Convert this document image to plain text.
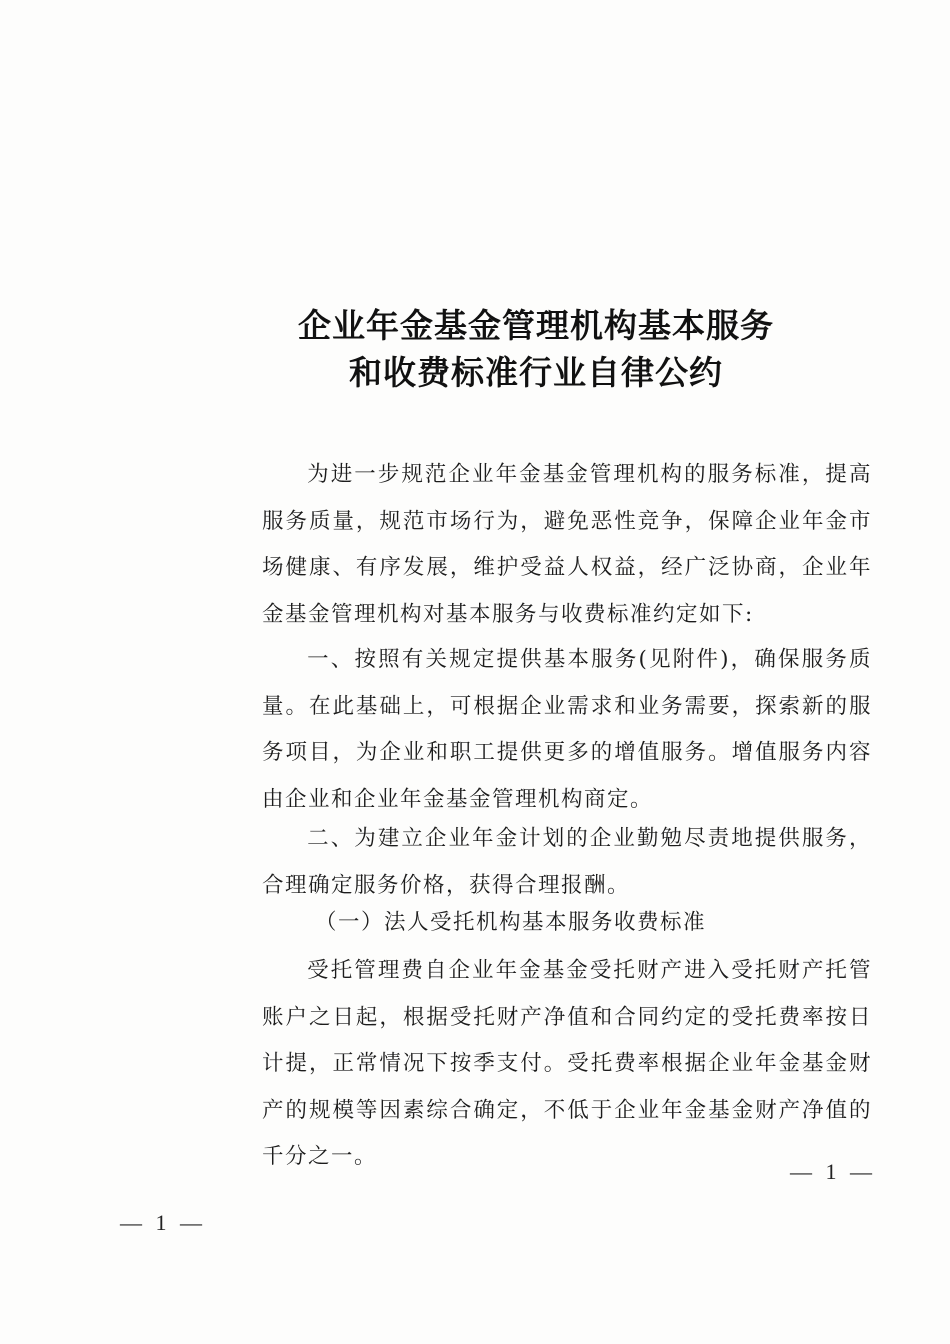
企业年金基金管理机构基本服务
和收费标准行业自律公约

为进一步规范企业年金基金管理机构的服务标准，提高服务质量，规范市场行为，避免恶性竞争，保障企业年金市场健康、有序发展，维护受益人权益，经广泛协商，企业年金基金管理机构对基本服务与收费标准约定如下:

一、按照有关规定提供基本服务(见附件)，确保服务质量。在此基础上，可根据企业需求和业务需要，探索新的服务项目，为企业和职工提供更多的增值服务。增值服务内容由企业和企业年金基金管理机构商定。

二、为建立企业年金计划的企业勤勉尽责地提供服务，合理确定服务价格，获得合理报酬。

（一）法人受托机构基本服务收费标准

受托管理费自企业年金基金受托财产进入受托财产托管账户之日起，根据受托财产净值和合同约定的受托费率按日计提，正常情况下按季支付。受托费率根据企业年金基金财产的规模等因素综合确定，不低于企业年金基金财产净值的千分之一。

— 1 —
— 1 —
